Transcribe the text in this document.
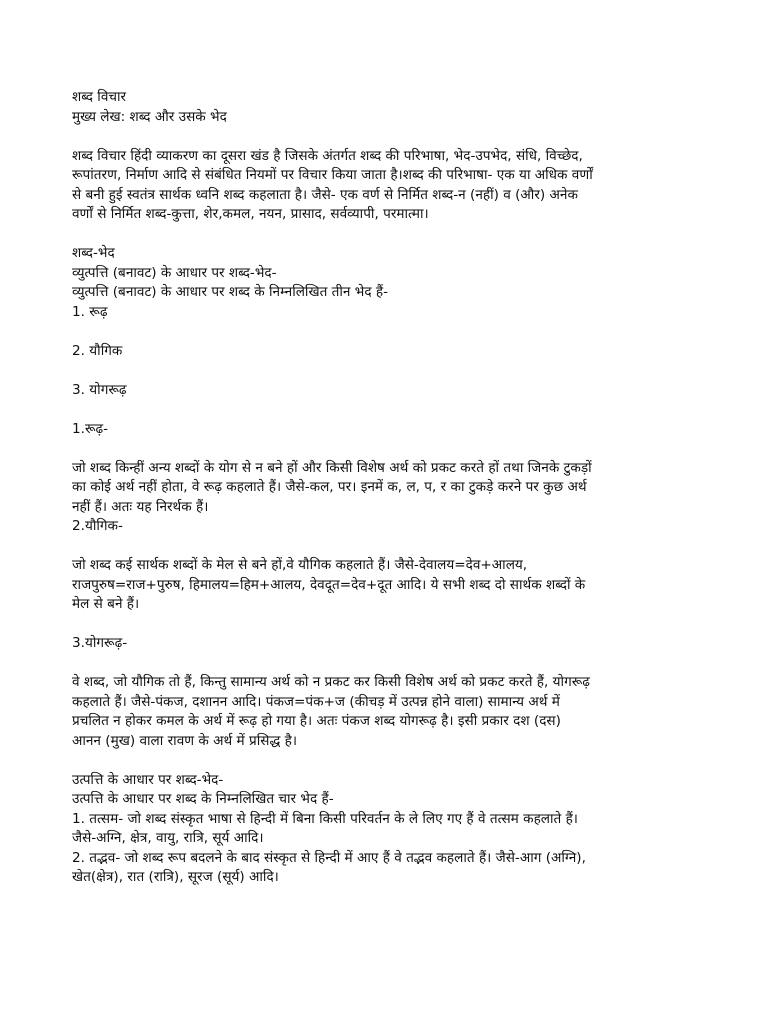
शब्द विचार

मुख्य लेख: शब्द और उसके भेद

शब्द विचार हिंदी व्याकरण का दूसरा खंड है जिसके अंतर्गत शब्द की परिभाषा, भेद-उपभेद, संधि, विच्छेद,

रूपांतरण, निर्माण आदि से संबंधित नियमों पर विचार किया जाता है।शब्द की परिभाषा- एक या अधिक वर्णों

से बनी हुई स्वतंत्र सार्थक ध्वनि शब्द कहलाता है। जैसे- एक वर्ण से निर्मित शब्द-न (नहीं) व (और) अनेक

वर्णों से निर्मित शब्द-कुत्ता, शेर,कमल, नयन, प्रासाद, सर्वव्यापी, परमात्मा।

शब्द-भेद

व्युत्पत्ति (बनावट) के आधार पर शब्द-भेद-

व्युत्पत्ति (बनावट) के आधार पर शब्द के निम्नलिखित तीन भेद हैं-

1. रूढ़

2. यौगिक

3. योगरूढ़

1.रूढ़-

जो शब्द किन्हीं अन्य शब्दों के योग से न बने हों और किसी विशेष अर्थ को प्रकट करते हों तथा जिनके टुकड़ों

का कोई अर्थ नहीं होता, वे रूढ़ कहलाते हैं। जैसे-कल, पर। इनमें क, ल, प, र का टुकड़े करने पर कुछ अर्थ

नहीं हैं। अतः यह निरर्थक हैं।

2.यौगिक-

जो शब्द कई सार्थक शब्दों के मेल से बने हों,वे यौगिक कहलाते हैं। जैसे-देवालय=देव+आलय,

राजपुरुष=राज+पुरुष, हिमालय=हिम+आलय, देवदूत=देव+दूत आदि। ये सभी शब्द दो सार्थक शब्दों के

मेल से बने हैं।

3.योगरूढ़-

वे शब्द, जो यौगिक तो हैं, किन्तु सामान्य अर्थ को न प्रकट कर किसी विशेष अर्थ को प्रकट करते हैं, योगरूढ़

कहलाते हैं। जैसे-पंकज, दशानन आदि। पंकज=पंक+ज (कीचड़ में उत्पन्न होने वाला) सामान्य अर्थ में

प्रचलित न होकर कमल के अर्थ में रूढ़ हो गया है। अतः पंकज शब्द योगरूढ़ है। इसी प्रकार दश (दस)

आनन (मुख) वाला रावण के अर्थ में प्रसिद्ध है।

उत्पत्ति के आधार पर शब्द-भेद-

उत्पत्ति के आधार पर शब्द के निम्नलिखित चार भेद हैं-

1. तत्सम- जो शब्द संस्कृत भाषा से हिन्दी में बिना किसी परिवर्तन के ले लिए गए हैं वे तत्सम कहलाते हैं।

जैसे-अग्नि, क्षेत्र, वायु, रात्रि, सूर्य आदि।

2. तद्भव- जो शब्द रूप बदलने के बाद संस्कृत से हिन्दी में आए हैं वे तद्भव कहलाते हैं। जैसे-आग (अग्नि),

खेत(क्षेत्र), रात (रात्रि), सूरज (सूर्य) आदि।
